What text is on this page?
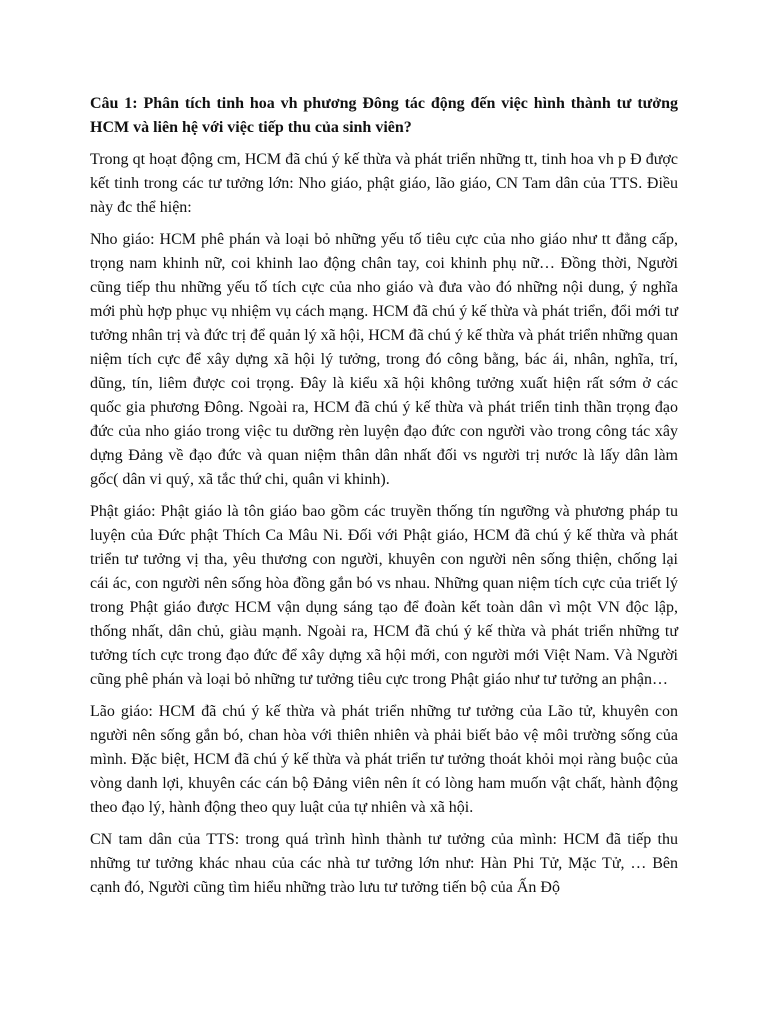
Câu 1: Phân tích tinh hoa vh phương Đông tác động đến việc hình thành tư tưởng HCM và liên hệ với việc tiếp thu của sinh viên?

Trong qt hoạt động cm, HCM đã chú ý kế thừa và phát triển những tt, tinh hoa vh p Đ được kết tinh trong các tư tưởng lớn: Nho giáo, phật giáo, lão giáo, CN Tam dân của TTS. Điều này đc thể hiện:

Nho giáo: HCM phê phán và loại bỏ những yếu tố tiêu cực của nho giáo như tt đẳng cấp, trọng nam khinh nữ, coi khinh lao động chân tay, coi khinh phụ nữ… Đồng thời, Người cũng tiếp thu những yếu tố tích cực của nho giáo và đưa vào đó những nội dung, ý nghĩa mới phù hợp phục vụ nhiệm vụ cách mạng. HCM đã chú ý kế thừa và phát triển, đổi mới tư tưởng nhân trị và đức trị để quản lý xã hội, HCM đã chú ý kế thừa và phát triển những quan niệm tích cực để xây dựng xã hội lý tưởng, trong đó công bằng, bác ái, nhân, nghĩa, trí, dũng, tín, liêm được coi trọng. Đây là kiểu xã hội không tưởng xuất hiện rất sớm ở các quốc gia phương Đông. Ngoài ra, HCM đã chú ý kế thừa và phát triển tinh thần trọng đạo đức của nho giáo trong việc tu dưỡng rèn luyện đạo đức con người vào trong công tác xây dựng Đảng về đạo đức và quan niệm thân dân nhất đối vs người trị nước là lấy dân làm gốc( dân vi quý, xã tắc thứ chi, quân vi khinh).

Phật giáo: Phật giáo là tôn giáo bao gồm các truyền thống tín ngưỡng và phương pháp tu luyện của Đức phật Thích Ca Mâu Ni. Đối với Phật giáo, HCM đã chú ý kế thừa và phát triển tư tưởng vị tha, yêu thương con người, khuyên con người nên sống thiện, chống lại cái ác, con người nên sống hòa đồng gắn bó vs nhau. Những quan niệm tích cực của triết lý trong Phật giáo được HCM vận dụng sáng tạo để đoàn kết toàn dân vì một VN độc lập, thống nhất, dân chủ, giàu mạnh. Ngoài ra, HCM đã chú ý kế thừa và phát triển những tư tưởng tích cực trong đạo đức để xây dựng xã hội mới, con người mới Việt Nam. Và Người cũng phê phán và loại bỏ những tư tưởng tiêu cực trong Phật giáo như tư tưởng an phận…

Lão giáo: HCM đã chú ý kế thừa và phát triển những tư tưởng của Lão tử, khuyên con người nên sống gắn bó, chan hòa với thiên nhiên và phải biết bảo vệ môi trường sống của mình. Đặc biệt, HCM đã chú ý kế thừa và phát triển tư tưởng thoát khỏi mọi ràng buộc của vòng danh lợi, khuyên các cán bộ Đảng viên nên ít có lòng ham muốn vật chất, hành động theo đạo lý, hành động theo quy luật của tự nhiên và xã hội.

CN tam dân của TTS: trong quá trình hình thành tư tưởng của mình: HCM đã tiếp thu những tư tưởng khác nhau của các nhà tư tưởng lớn như: Hàn Phi Tử, Mặc Tử, … Bên cạnh đó, Người cũng tìm hiểu những trào lưu tư tưởng tiến bộ của Ấn Độ
